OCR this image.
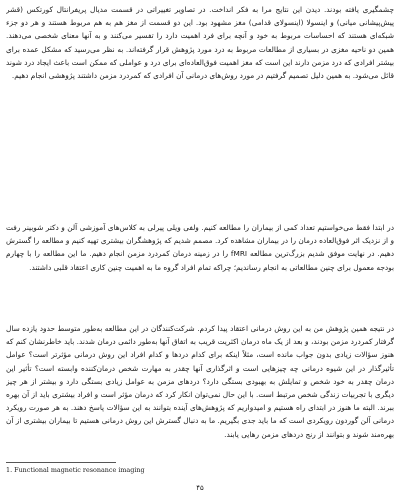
چشمگیری یافته بودند. دیدن این نتایج مرا به فکر انداخت. در تصاویر تغییراتی در قسمت مدیال پریفرانتال کورتکس (قشر پیش‌پیشانی میانی) و اینسولا (اینسولای قدامی) مغز مشهود بود. این دو قسمت از مغز هم به هم مربوط هستند و هر دو جزء شبکه‌ای هستند که احساسات مربوط به خود و آنچه برای فرد اهمیت دارد را تفسیر می‌کنند و به آنها معنای شخصی می‌دهند. همین دو ناحیه مغزی در بسیاری از مطالعات مربوط به درد مورد پژوهش قرار گرفته‌اند. به نظر می‌رسید که مشکل عمده برای بیشتر افرادی که درد مزمن دارند این است که مغز اهمیت فوق‌العاده‌ای برای درد و عواملی که ممکن است باعث ایجاد درد شوند قائل می‌شود. به همین دلیل تصمیم گرفتیم در مورد روش‌های درمانی آن افرادی که کمردرد مزمن داشتند پژوهشی انجام دهیم.
در ابتدا فقط می‌خواستیم تعداد کمی از بیماران را مطالعه کنیم. ولفی ویلی پیرلی به کلاس‌های آموزشی آلن و دکتر شوبینر رفت و از نزدیک اثر فوق‌العاده درمان را در بیماران مشاهده کرد. مصمم شدیم که پژوهشگران بیشتری تهیه کنیم و مطالعه را گسترش دهیم. در نهایت موفق شدیم بزرگ‌ترین مطالعه fMRI را در زمینه درمان کمردرد مزمن انجام دهیم. ما این مطالعه را با چهارم بودجه معمول برای چنین مطالعاتی به انجام رساندیم؛ چراکه تمام افراد گروه ما به اهمیت چنین کاری اعتقاد قلبی داشتند.
در نتیجه همین پژوهش من به این روش درمانی اعتقاد پیدا کردم. شرکت‌کنندگان در این مطالعه به‌طور متوسط حدود یازده سال گرفتار کمردرد مزمن بودند، و بعد از یک ماه درمان اکثریت قریب به اتفاق آنها به‌طور دائمی درمان شدند. باید خاطرنشان کنم که هنوز سؤالات زیادی بدون جواب مانده است، مثلاً اینکه برای کدام دردها و کدام افراد این روش درمانی مؤثرتر است؟ عوامل تأثیرگذار در این شیوه درمانی چه چیزهایی است و اثرگذاری آنها چقدر به مهارت شخص درمان‌کننده وابسته است؟ تأثیر این درمان چقدر به خود شخص و تمایلش به بهبودی بستگی دارد؟ دردهای مزمن به عوامل زیادی بستگی دارد و بیشتر از هر چیز دیگری با تجربیات زندگی شخص مرتبط است. با این حال نمی‌توان انکار کرد که درمان مؤثر است و افراد بیشتری باید از آن بهره ببرند. البته ما هنوز در ابتدای راه هستیم و امیدواریم که پژوهش‌های آینده بتوانند به این سؤالات پاسخ دهند. به هر صورت رویکرد درمانی آلن گوردون رویکردی است که ما باید جدی بگیریم. ما به دنبال گسترش این روش درمانی هستیم تا بیماران بیشتری از آن بهره‌مند شوند و بتوانند از رنج دردهای مزمن رهایی یابند.
1. Functional magnetic resonance imaging
۴۵
